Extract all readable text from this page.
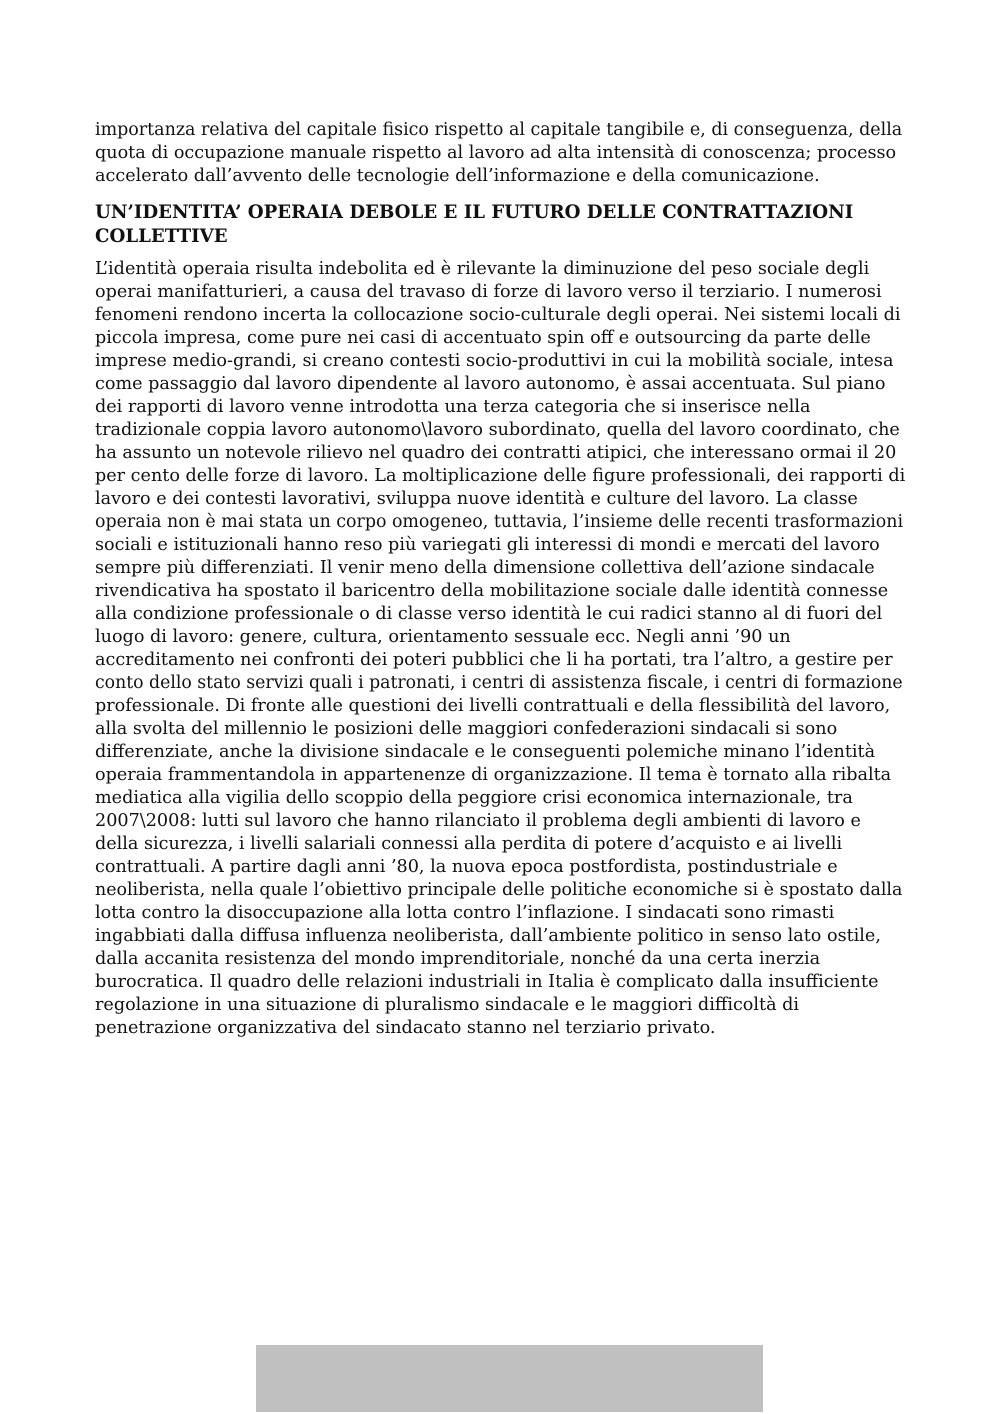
importanza relativa del capitale fisico rispetto al capitale tangibile e, di conseguenza, della
quota di occupazione manuale rispetto al lavoro ad alta intensità di conoscenza; processo
accelerato dall’avvento delle tecnologie dell’informazione e della comunicazione.
UN’IDENTITA’ OPERAIA DEBOLE E IL FUTURO DELLE CONTRATTAZIONI
COLLETTIVE
L’identità operaia risulta indebolita ed è rilevante la diminuzione del peso sociale degli
operai manifatturieri, a causa del travaso di forze di lavoro verso il terziario. I numerosi
fenomeni rendono incerta la collocazione socio-culturale degli operai. Nei sistemi locali di
piccola impresa, come pure nei casi di accentuato spin off e outsourcing da parte delle
imprese medio-grandi, si creano contesti socio-produttivi in cui la mobilità sociale, intesa
come passaggio dal lavoro dipendente al lavoro autonomo, è assai accentuata. Sul piano
dei rapporti di lavoro venne introdotta una terza categoria che si inserisce nella
tradizionale coppia lavoro autonomo\lavoro subordinato, quella del lavoro coordinato, che
ha assunto un notevole rilievo nel quadro dei contratti atipici, che interessano ormai il 20
per cento delle forze di lavoro. La moltiplicazione delle figure professionali, dei rapporti di
lavoro e dei contesti lavorativi, sviluppa nuove identità e culture del lavoro. La classe
operaia non è mai stata un corpo omogeneo, tuttavia, l’insieme delle recenti trasformazioni
sociali e istituzionali hanno reso più variegati gli interessi di mondi e mercati del lavoro
sempre più differenziati. Il venir meno della dimensione collettiva dell’azione sindacale
rivendicativa ha spostato il baricentro della mobilitazione sociale dalle identità connesse
alla condizione professionale o di classe verso identità le cui radici stanno al di fuori del
luogo di lavoro: genere, cultura, orientamento sessuale ecc. Negli anni ’90 un
accreditamento nei confronti dei poteri pubblici che li ha portati, tra l’altro, a gestire per
conto dello stato servizi quali i patronati, i centri di assistenza fiscale, i centri di formazione
professionale. Di fronte alle questioni dei livelli contrattuali e della flessibilità del lavoro,
alla svolta del millennio le posizioni delle maggiori confederazioni sindacali si sono
differenziate, anche la divisione sindacale e le conseguenti polemiche minano l’identità
operaia frammentandola in appartenenze di organizzazione. Il tema è tornato alla ribalta
mediatica alla vigilia dello scoppio della peggiore crisi economica internazionale, tra
2007\2008: lutti sul lavoro che hanno rilanciato il problema degli ambienti di lavoro e
della sicurezza, i livelli salariali connessi alla perdita di potere d’acquisto e ai livelli
contrattuali. A partire dagli anni ’80, la nuova epoca postfordista, postindustriale e
neoliberista, nella quale l’obiettivo principale delle politiche economiche si è spostato dalla
lotta contro la disoccupazione alla lotta contro l’inflazione. I sindacati sono rimasti
ingabbiati dalla diffusa influenza neoliberista, dall’ambiente politico in senso lato ostile,
dalla accanita resistenza del mondo imprenditoriale, nonché da una certa inerzia
burocratica. Il quadro delle relazioni industriali in Italia è complicato dalla insufficiente
regolazione in una situazione di pluralismo sindacale e le maggiori difficoltà di
penetrazione organizzativa del sindacato stanno nel terziario privato.
